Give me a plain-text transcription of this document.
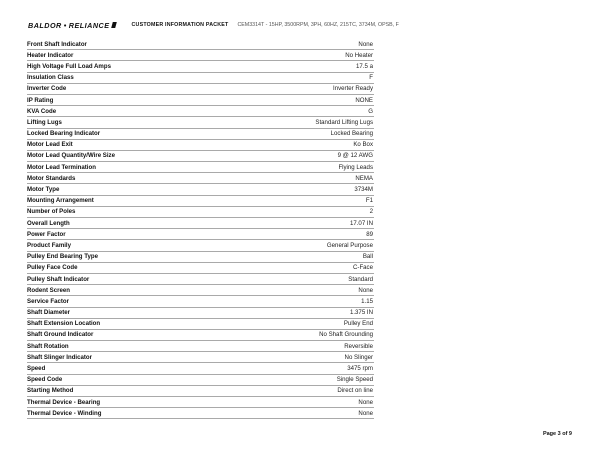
BALDOR • RELIANCE	CUSTOMER INFORMATION PACKET CEM3314T - 15HP, 3500RPM, 3PH, 60HZ, 215TC, 3734M, OPSB, F
Front Shaft Indicator	None
Heater Indicator	No Heater
High Voltage Full Load Amps	17.5 a
Insulation Class	F
Inverter Code	Inverter Ready
IP Rating	NONE
KVA Code	G
Lifting Lugs	Standard Lifting Lugs
Locked Bearing Indicator	Locked Bearing
Motor Lead Exit	Ko Box
Motor Lead Quantity/Wire Size	9 @ 12 AWG
Motor Lead Termination	Flying Leads
Motor Standards	NEMA
Motor Type	3734M
Mounting Arrangement	F1
Number of Poles	2
Overall Length	17.07 IN
Power Factor	89
Product Family	General Purpose
Pulley End Bearing Type	Ball
Pulley Face Code	C-Face
Pulley Shaft Indicator	Standard
Rodent Screen	None
Service Factor	1.15
Shaft Diameter	1.375 IN
Shaft Extension Location	Pulley End
Shaft Ground Indicator	No Shaft Grounding
Shaft Rotation	Reversible
Shaft Slinger Indicator	No Slinger
Speed	3475 rpm
Speed Code	Single Speed
Starting Method	Direct on line
Thermal Device - Bearing	None
Thermal Device - Winding	None
Page 3 of 9
